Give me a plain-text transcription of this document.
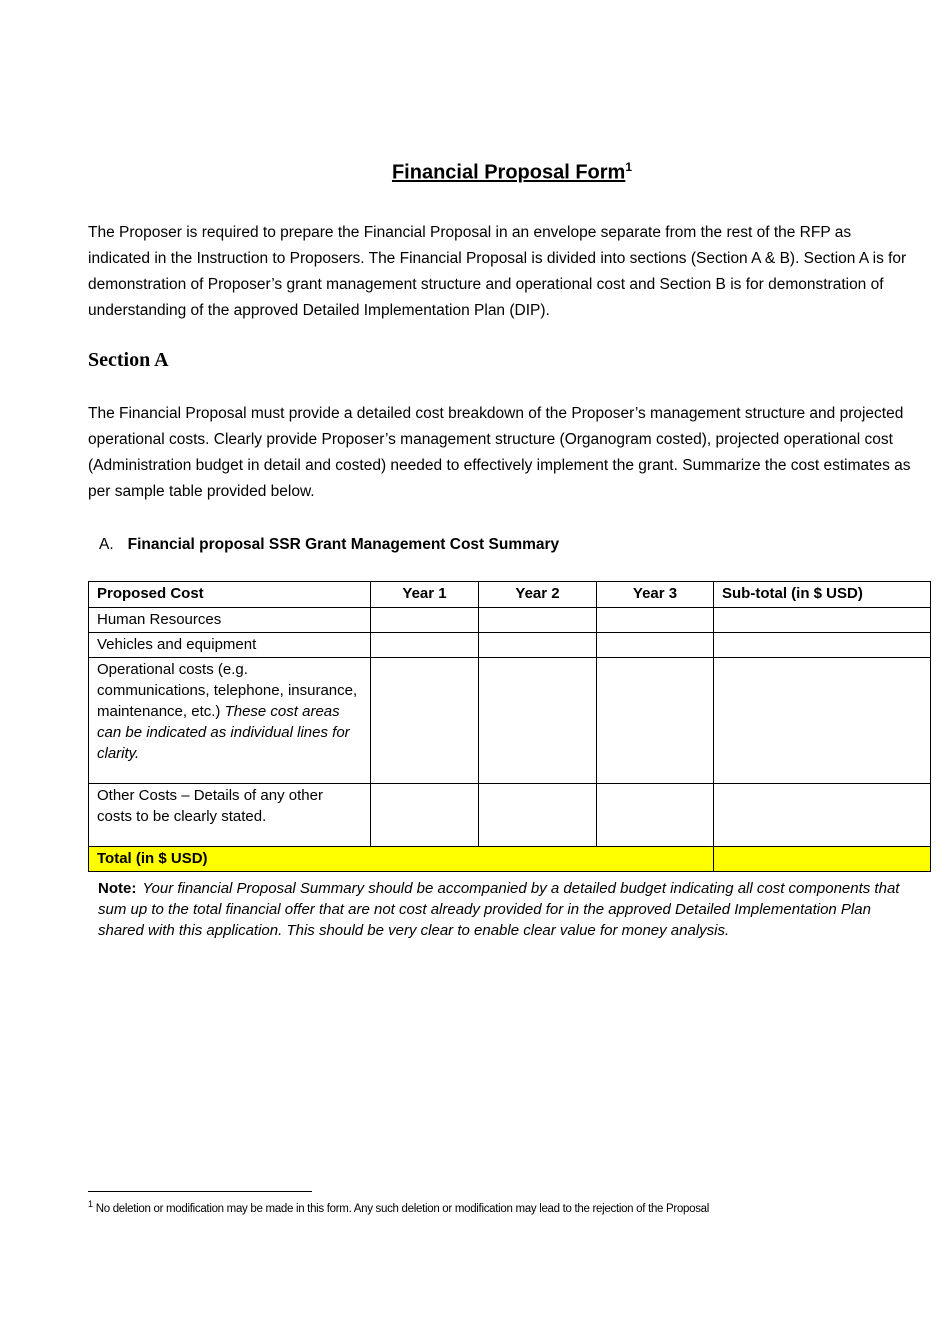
Financial Proposal Form$^1$

The Proposer is required to prepare the Financial Proposal in an envelope separate from the rest of the RFP as indicated in the Instruction to Proposers. The Financial Proposal is divided into sections (Section A & B). Section A is for demonstration of Proposer’s grant management structure and operational cost and Section B is for demonstration of understanding of the approved Detailed Implementation Plan (DIP).

Section A

The Financial Proposal must provide a detailed cost breakdown of the Proposer’s management structure and projected operational costs. Clearly provide Proposer’s management structure (Organogram costed), projected operational cost (Administration budget in detail and costed) needed to effectively implement the grant. Summarize the cost estimates as per sample table provided below.

A. Financial proposal SSR Grant Management Cost Summary
Proposed Cost	Year 1	Year 2	Year 3	Sub-total (in $ USD)
Human Resources				
Vehicles and equipment				
Operational costs (e.g. communications, telephone, insurance, maintenance, etc.) These cost areas can be indicated as individual lines for clarity.				
Other Costs – Details of any other costs to be clearly stated.				
Total (in $ USD)				
Note: Your financial Proposal Summary should be accompanied by a detailed budget indicating all cost components that sum up to the total financial offer that are not cost already provided for in the approved Detailed Implementation Plan shared with this application. This should be very clear to enable clear value for money analysis.
$^1$ No deletion or modification may be made in this form. Any such deletion or modification may lead to the rejection of the Proposal
